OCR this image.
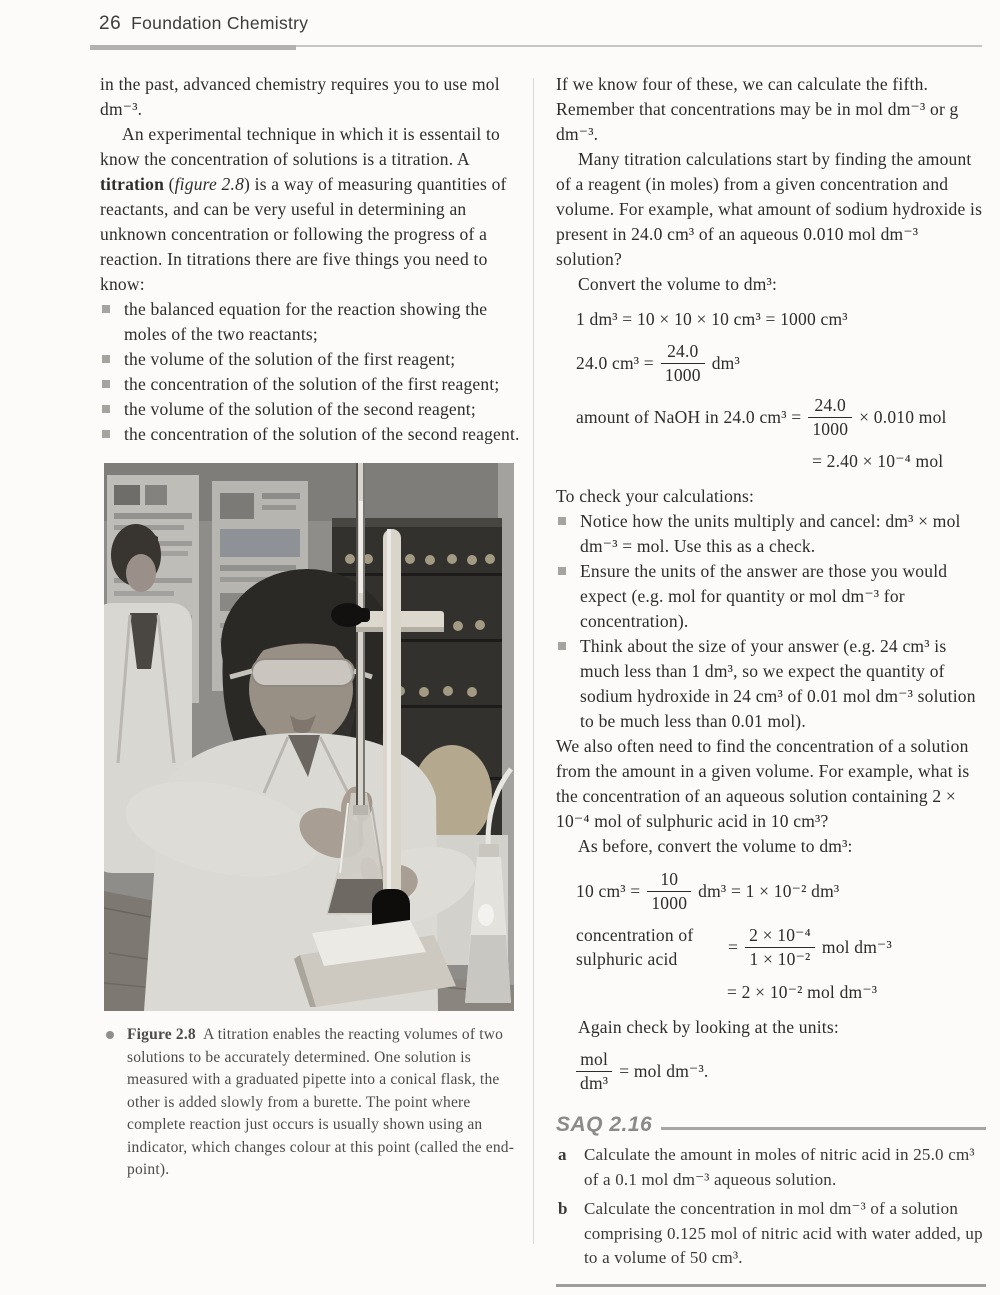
26 Foundation Chemistry

in the past, advanced chemistry requires you to use mol dm⁻³.

An experimental technique in which it is essentail to know the concentration of solutions is a titration. A titration (figure 2.8) is a way of measuring quantities of reactants, and can be very useful in determining an unknown concentration or following the progress of a reaction. In titrations there are five things you need to know:

the balanced equation for the reaction showing the moles of the two reactants;
the volume of the solution of the first reagent;
the concentration of the solution of the first reagent;
the volume of the solution of the second reagent;
the concentration of the solution of the second reagent.
Figure 2.8  A titration enables the reacting volumes of two solutions to be accurately determined. One solution is measured with a graduated pipette into a conical flask, the other is added slowly from a burette. The point where complete reaction just occurs is usually shown using an indicator, which changes colour at this point (called the end-point).

If we know four of these, we can calculate the fifth. Remember that concentrations may be in mol dm⁻³ or g dm⁻³.

Many titration calculations start by finding the amount of a reagent (in moles) from a given concentration and volume. For example, what amount of sodium hydroxide is present in 24.0 cm³ of an aqueous 0.010 mol dm⁻³ solution?

Convert the volume to dm³:

1 dm³ = 10 × 10 × 10 cm³ = 1000 cm³
24.0 $cm^3 = \frac{24.0}{1000} dm^3$
amount of NaOH in 24.0 $cm^3 = \frac{24.0}{1000} \times 0.010$ mol
= 2.40 × 10⁻⁴ mol

To check your calculations:

Notice how the units multiply and cancel: dm³ × mol dm⁻³ = mol. Use this as a check.
Ensure the units of the answer are those you would expect (e.g. mol for quantity or mol dm⁻³ for concentration).
Think about the size of your answer (e.g. 24 cm³ is much less than 1 dm³, so we expect the quantity of sodium hydroxide in 24 cm³ of 0.01 mol dm⁻³ solution to be much less than 0.01 mol).

We also often need to find the concentration of a solution from the amount in a given volume. For example, what is the concentration of an aqueous solution containing 2 × 10⁻⁴ mol of sulphuric acid in 10 cm³?

As before, convert the volume to dm³:

10 $cm^3 = \frac{10}{1000} dm^3 = 1 \times 10^{-2}$ dm³
concentration of
sulphuric acid
= $\frac{\text{2 × 10⁻⁴}}{\text{1 × 10⁻²}}$ mol dm⁻³
= 2 × 10⁻² mol dm⁻³

Again check by looking at the units:

$\frac{\text{mol}}{\text{dm³}}$ = mol dm⁻³.
SAQ 2.16
a	Calculate the amount in moles of nitric acid in 25.0 cm³ of a 0.1 mol dm⁻³ aqueous solution.
b Calculate the concentration in mol dm⁻³ of a solution comprising 0.125 mol of nitric acid with water added, up to a volume of 50 cm³.
